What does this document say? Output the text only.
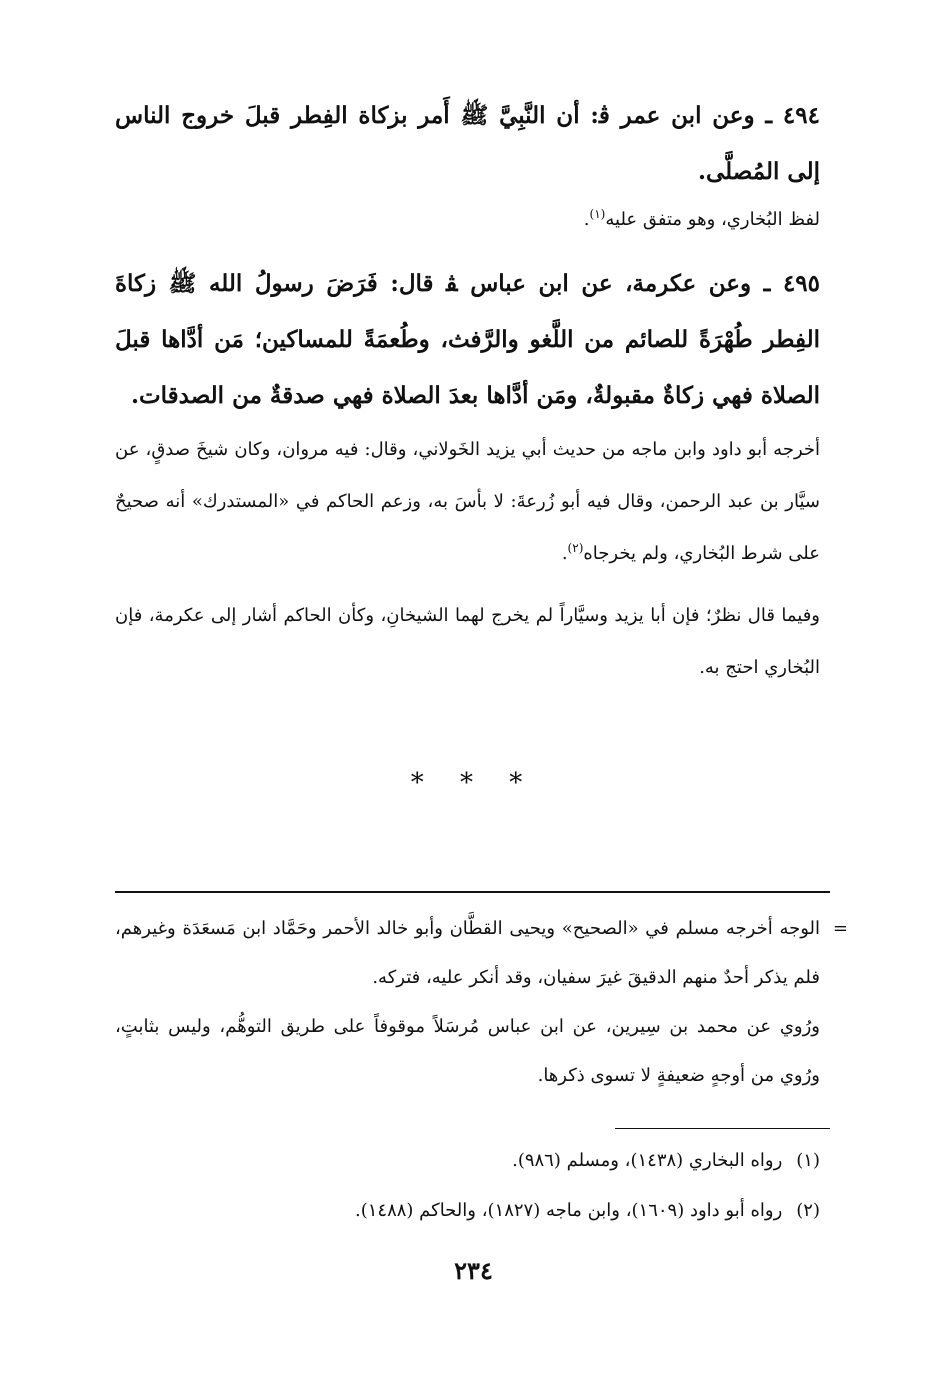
٤٩٤ ـ وعن ابن عمر ﭬ: أن النَّبِيَّ ﷺ أَمر بزكاة الفِطر قبلَ خروج الناس إلى المُصلَّى.

لفظ البُخاري، وهو متفق عليه$^{(١)}$.

٤٩٥ ـ وعن عكرمة، عن ابن عباس ﭭ قال: فَرَضَ رسولُ الله ﷺ زكاةَ الفِطر طُهْرَةً للصائم من اللَّغو والرَّفث، وطُعمَةً للمساكين؛ مَن أدَّاها قبلَ الصلاة فهي زكاةٌ مقبولةٌ، ومَن أدَّاها بعدَ الصلاة فهي صدقةٌ من الصدقات.

أخرجه أبو داود وابن ماجه من حديث أبي يزيد الخَولاني، وقال: فيه مروان، وكان شيخَ صدقٍ، عن سيَّار بن عبد الرحمن، وقال فيه أبو زُرعةَ: لا بأسَ به، وزعم الحاكم في «المستدرك» أنه صحيحٌ على شرط البُخاري، ولم يخرجاه$^{(٢)}$.

وفيما قال نظرٌ؛ فإن أبا يزيد وسيَّاراً لم يخرج لهما الشيخانِ، وكأن الحاكم أشار إلى عكرمة، فإن البُخاري احتج به.

* * *
=

الوجه أخرجه مسلم في «الصحيح» ويحيى القطَّان وأبو خالد الأحمر وحَمَّاد ابن مَسعَدَة وغيرهم، فلم يذكر أحدٌ منهم الدقيقَ غيرَ سفيان، وقد أنكر عليه، فتركه.

ورُوي عن محمد بن سِيرين، عن ابن عباس مُرسَلاً موقوفاً على طريق التوهُّم، وليس بثابتٍ، ورُوي من أوجهٍ ضعيفةٍ لا تسوى ذكرها.

(١)رواه البخاري (١٤٣٨)، ومسلم (٩٨٦).

(٢)رواه أبو داود (١٦٠٩)، وابن ماجه (١٨٢٧)، والحاكم (١٤٨٨).

٢٣٤
